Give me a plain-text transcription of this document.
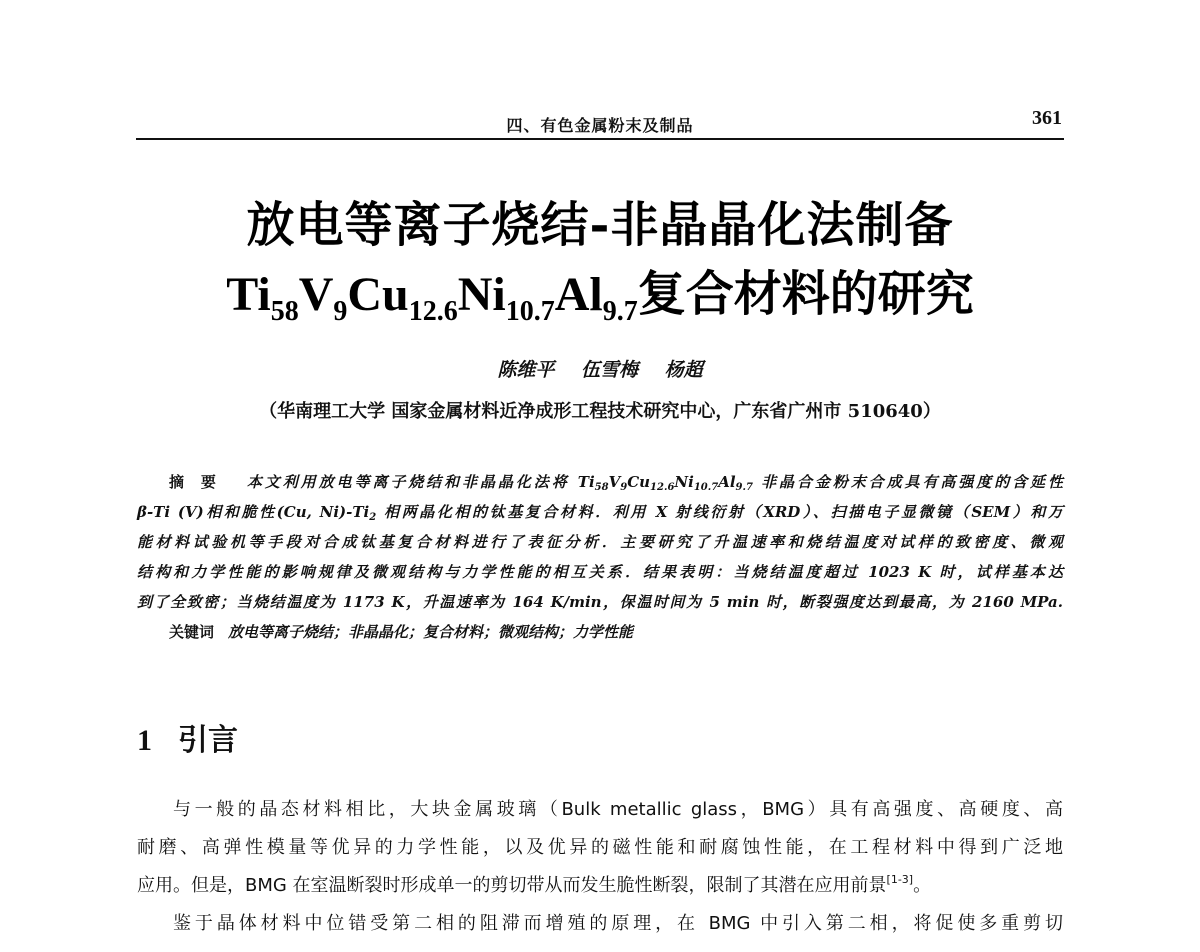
四、有色金属粉末及制品	361
放电等离子烧结-非晶晶化法制备
$Ti_{58}V_9Cu_{12.6}Ni_{10.7}Al_{9.7}$复合材料的研究
陈维平 伍雪梅 杨超
（华南理工大学 国家金属材料近净成形工程技术研究中心，广东省广州市 510640）
摘要 本文利用放电等离子烧结和非晶晶化法将 $Ti_{58}V_9Cu_{12.6}Ni_{10.7}Al_{9.7}$ 非晶合金粉末合成具有高强度的含延性
β-Ti (V)相和脆性(Cu, $Ni)-Ti_2$ 相两晶化相的钛基复合材料．利用 X 射线衍射（XRD）、扫描电子显微镜（SEM）和万
能材料试验机等手段对合成钛基复合材料进行了表征分析．主要研究了升温速率和烧结温度对试样的致密度、微观
结构和力学性能的影响规律及微观结构与力学性能的相互关系．结果表明：当烧结温度超过 1023 K 时，试样基本达
到了全致密；当烧结温度为 1173 K，升温速率为 164 K/min，保温时间为 5 min 时，断裂强度达到最高，为 2160 MPa.
关键词 放电等离子烧结；非晶晶化；复合材料；微观结构；力学性能
1 引言
与一般的晶态材料相比，大块金属玻璃（Bulk metallic glass，BMG）具有高强度、高硬度、高
耐磨、高弹性模量等优异的力学性能，以及优异的磁性能和耐腐蚀性能，在工程材料中得到广泛地
应用。但是，BMG 在室温断裂时形成单一的剪切带从而发生脆性断裂，限制了其潜在应用前景[1-3]。
鉴于晶体材料中位错受第二相的阻滞而增殖的原理，在 BMG 中引入第二相，将促使多重剪切
